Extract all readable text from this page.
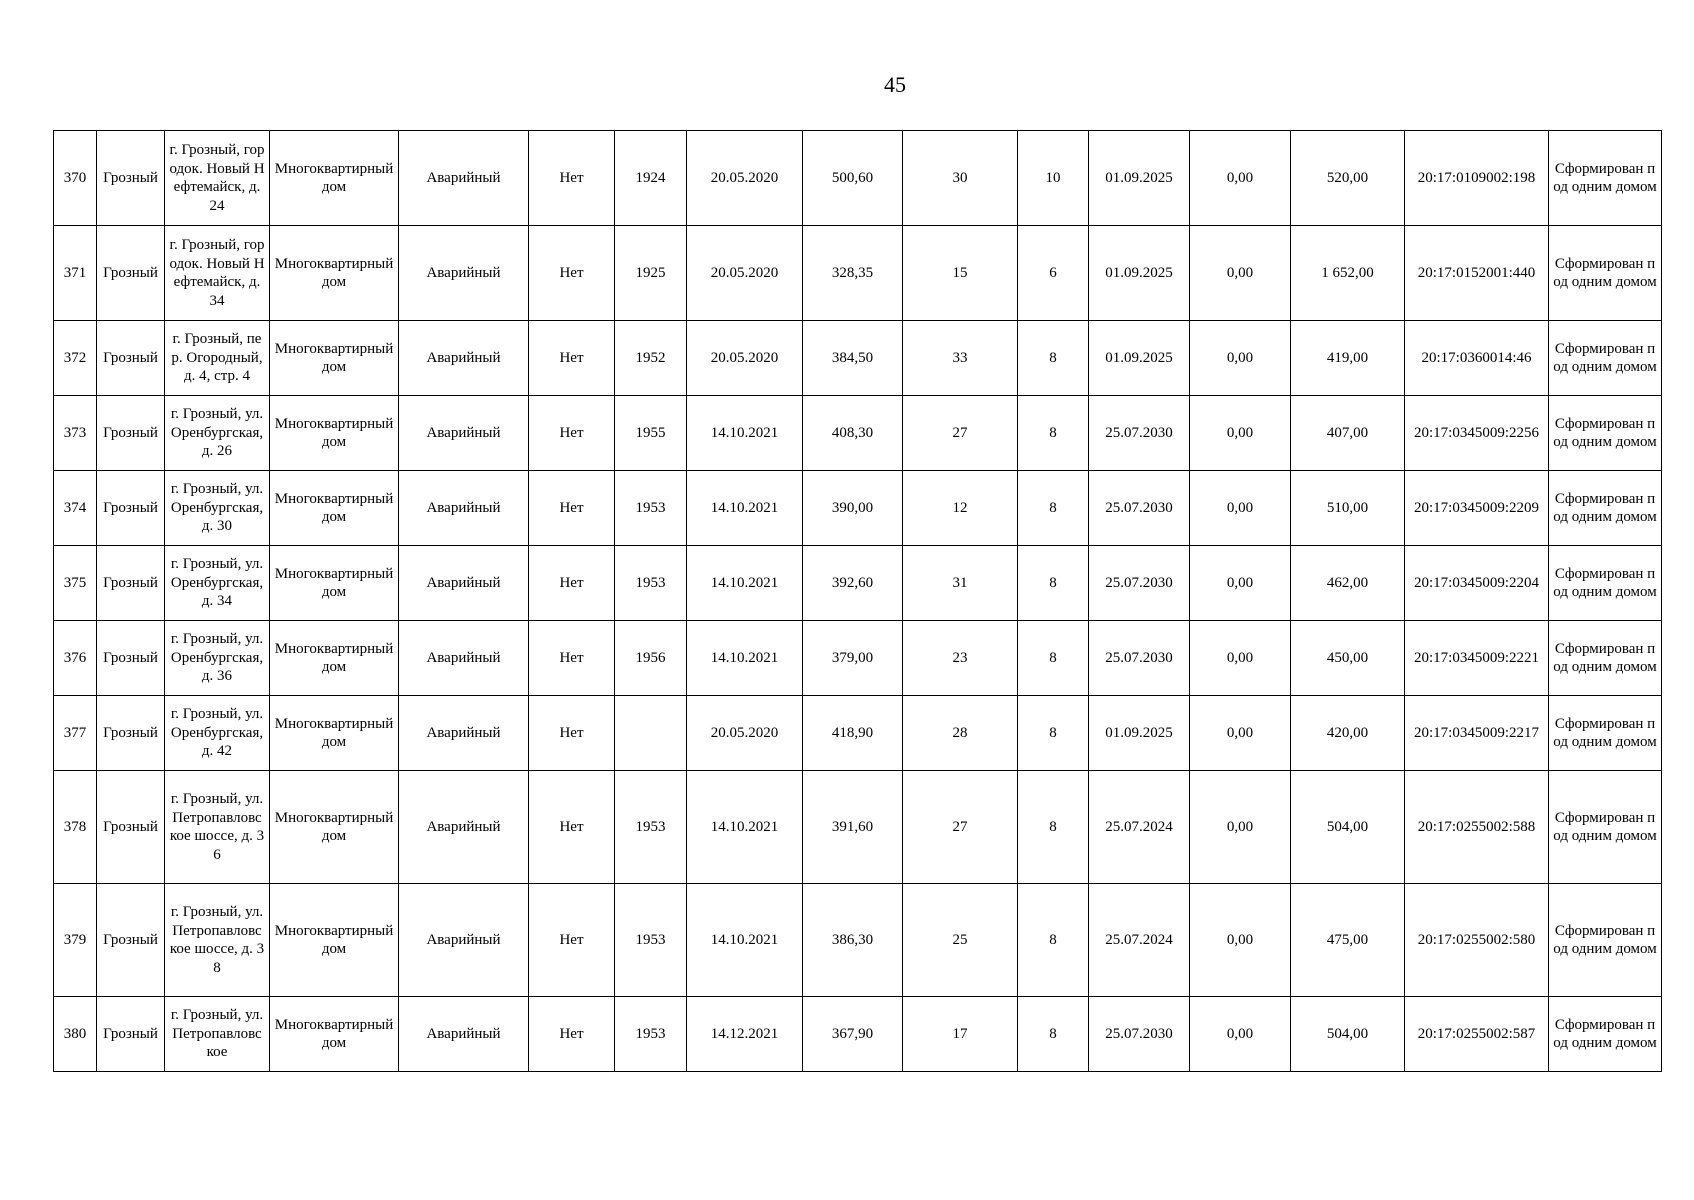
45
370	Грозный	г. Грозный, городок. Новый Нефтемайск, д. 24	Многоквартирный дом	Аварийный	Нет	1924	20.05.2020	500,60	30	10	01.09.2025	0,00	520,00	20:17:0109002:198	Сформирован под одним домом
371	Грозный	г. Грозный, городок. Новый Нефтемайск, д. 34	Многоквартирный дом	Аварийный	Нет	1925	20.05.2020	328,35	15	6	01.09.2025	0,00	1 652,00	20:17:0152001:440	Сформирован под одним домом
372	Грозный	г. Грозный, пер. Огородный, д. 4, стр. 4	Многоквартирный дом	Аварийный	Нет	1952	20.05.2020	384,50	33	8	01.09.2025	0,00	419,00	20:17:0360014:46	Сформирован под одним домом
373	Грозный	г. Грозный, ул. Оренбургская, д. 26	Многоквартирный дом	Аварийный	Нет	1955	14.10.2021	408,30	27	8	25.07.2030	0,00	407,00	20:17:0345009:2256	Сформирован под одним домом
374	Грозный	г. Грозный, ул. Оренбургская, д. 30	Многоквартирный дом	Аварийный	Нет	1953	14.10.2021	390,00	12	8	25.07.2030	0,00	510,00	20:17:0345009:2209	Сформирован под одним домом
375	Грозный	г. Грозный, ул. Оренбургская, д. 34	Многоквартирный дом	Аварийный	Нет	1953	14.10.2021	392,60	31	8	25.07.2030	0,00	462,00	20:17:0345009:2204	Сформирован под одним домом
376	Грозный	г. Грозный, ул. Оренбургская, д. 36	Многоквартирный дом	Аварийный	Нет	1956	14.10.2021	379,00	23	8	25.07.2030	0,00	450,00	20:17:0345009:2221	Сформирован под одним домом
377	Грозный	г. Грозный, ул. Оренбургская, д. 42	Многоквартирный дом	Аварийный	Нет		20.05.2020	418,90	28	8	01.09.2025	0,00	420,00	20:17:0345009:2217	Сформирован под одним домом
378	Грозный	г. Грозный, ул. Петропавловское шоссе, д. 36	Многоквартирный дом	Аварийный	Нет	1953	14.10.2021	391,60	27	8	25.07.2024	0,00	504,00	20:17:0255002:588	Сформирован под одним домом
379	Грозный	г. Грозный, ул. Петропавловское шоссе, д. 38	Многоквартирный дом	Аварийный	Нет	1953	14.10.2021	386,30	25	8	25.07.2024	0,00	475,00	20:17:0255002:580	Сформирован под одним домом
380	Грозный	г. Грозный, ул. Петропавловское	Многоквартирный дом	Аварийный	Нет	1953	14.12.2021	367,90	17	8	25.07.2030	0,00	504,00	20:17:0255002:587	Сформирован под одним домом
